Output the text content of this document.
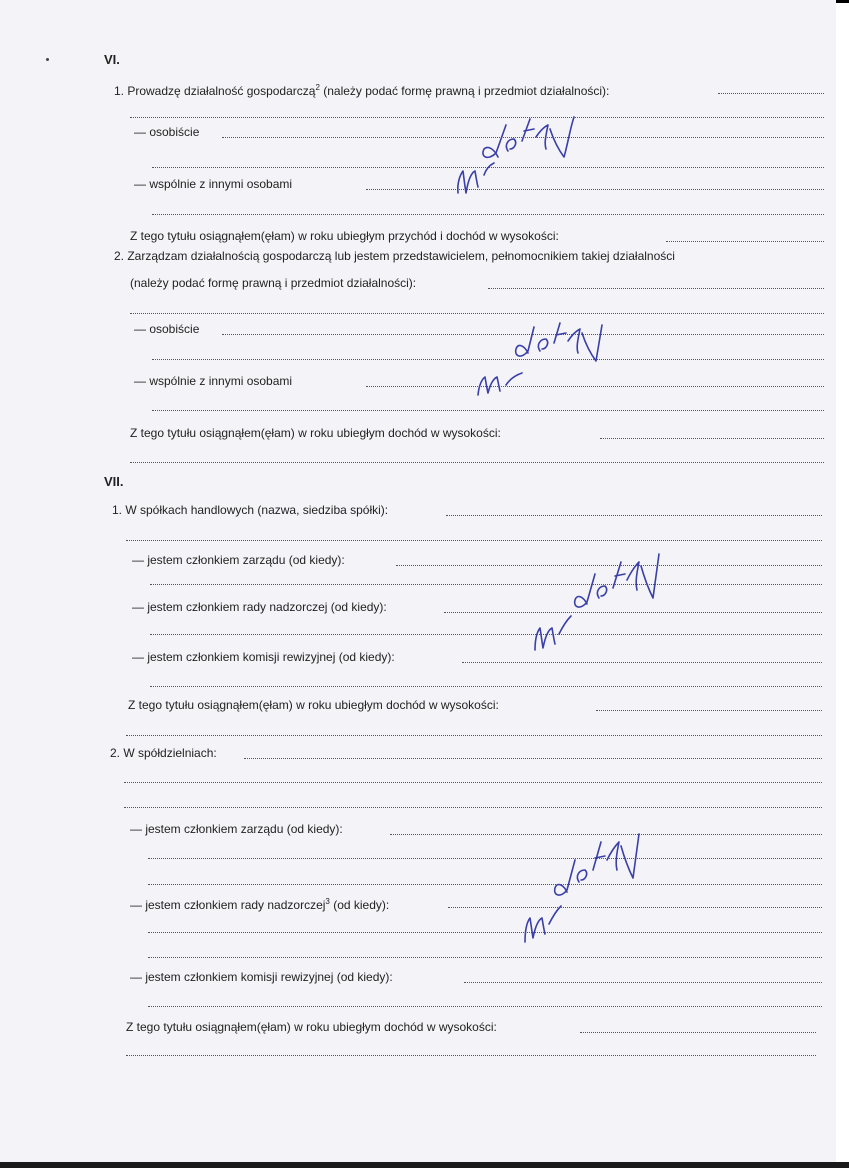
VI.
1. Prowadzę działalność gospodarczą$^2$ (należy podać formę prawną i przedmiot działalności):
— osobiście
— wspólnie z innymi osobami
Z tego tytułu osiągnąłem(ęłam) w roku ubiegłym przychód i dochód w wysokości:
2. Zarządzam działalnością gospodarczą lub jestem przedstawicielem, pełnomocnikiem takiej działalności
(należy podać formę prawną i przedmiot działalności):
— osobiście
— wspólnie z innymi osobami
Z tego tytułu osiągnąłem(ęłam) w roku ubiegłym dochód w wysokości:
VII.
1. W spółkach handlowych (nazwa, siedziba spółki):
— jestem członkiem zarządu (od kiedy):
— jestem członkiem rady nadzorczej (od kiedy):
— jestem członkiem komisji rewizyjnej (od kiedy):
Z tego tytułu osiągnąłem(ęłam) w roku ubiegłym dochód w wysokości:
2. W spółdzielniach:
— jestem członkiem zarządu (od kiedy):
— jestem członkiem rady nadzorczej$^3$ (od kiedy):
— jestem członkiem komisji rewizyjnej (od kiedy):
Z tego tytułu osiągnąłem(ęłam) w roku ubiegłym dochód w wysokości:
